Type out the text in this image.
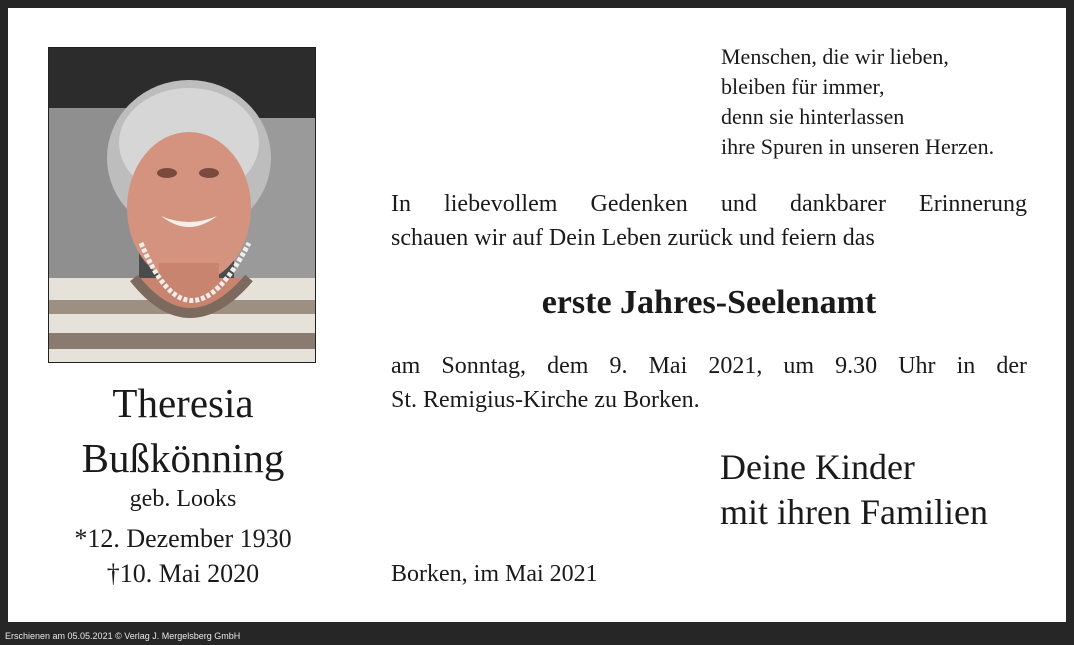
Theresia
Bußkönning
geb. Looks
*12. Dezember 1930
†10. Mai 2020
Menschen, die wir lieben,
bleiben für immer,
denn sie hinterlassen
ihre Spuren in unseren Herzen.
In liebevollem Gedenken und dankbarer Erinnerung
schauen wir auf Dein Leben zurück und feiern das
erste Jahres-Seelenamt
am Sonntag, dem 9. Mai 2021, um 9.30 Uhr in der
St. Remigius-Kirche zu Borken.
Deine Kinder
mit ihren Familien
Borken, im Mai 2021
Erschienen am 05.05.2021 © Verlag J. Mergelsberg GmbH
